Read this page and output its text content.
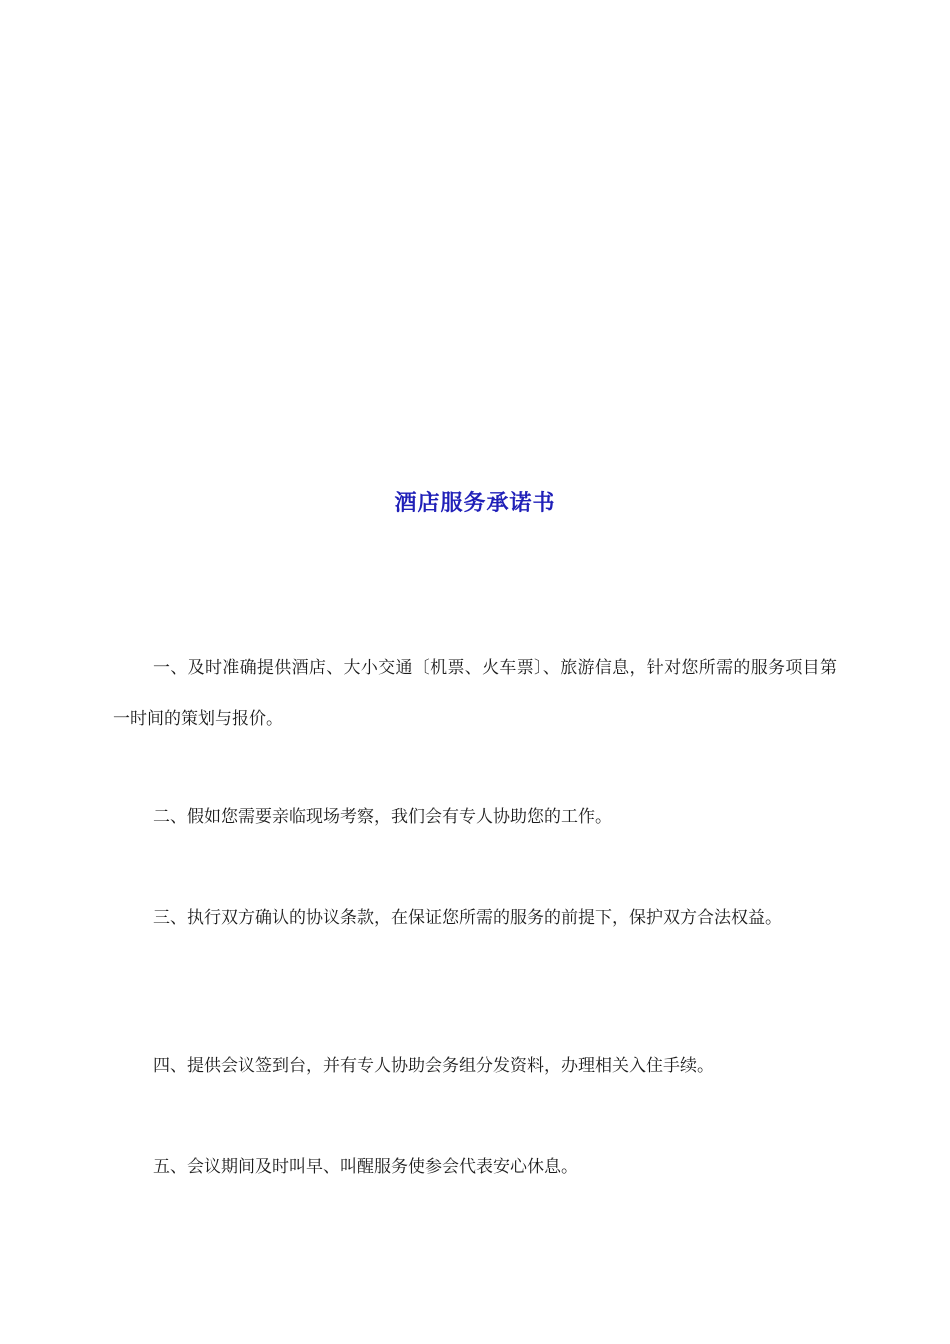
酒店服务承诺书

一、及时准确提供酒店、大小交通〔机票、火车票〕、旅游信息，针对您所需的服务项目第一时间的策划与报价。

二、假如您需要亲临现场考察，我们会有专人协助您的工作。

三、执行双方确认的协议条款，在保证您所需的服务的前提下，保护双方合法权益。

四、提供会议签到台，并有专人协助会务组分发资料，办理相关入住手续。

五、会议期间及时叫早、叫醒服务使参会代表安心休息。
